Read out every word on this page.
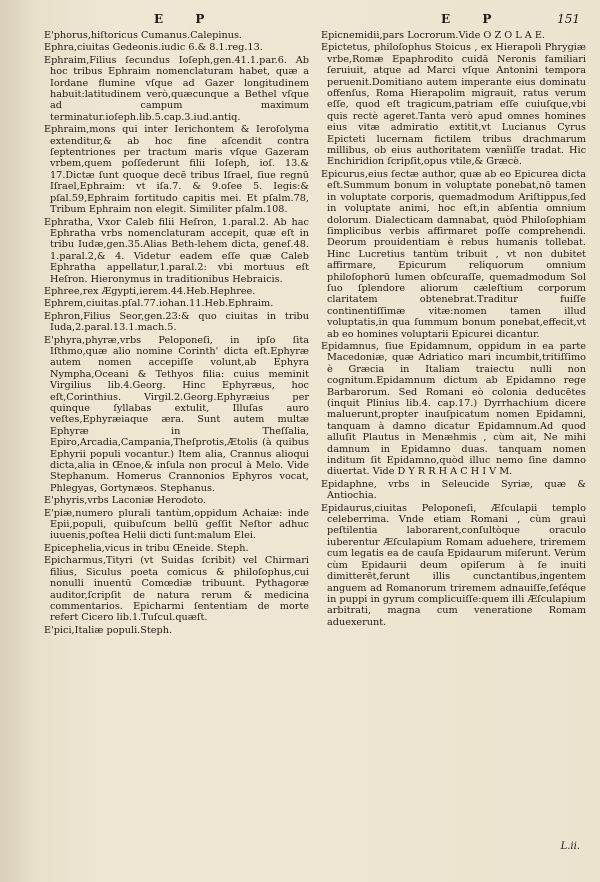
E P	E P	151

E'phorus,hiſtoricus Cumanus.Calepinus.

Ephra,ciuitas Gedeonis.iudic 6.& 8.1.reg.13.

Ephraim,Filius ſecundus Ioſeph,gen.41.1.par.6. Ab hoc tribus Ephraim nomenclaturam habet, quæ a Iordane flumine vſque ad Gazer longitudinem habuit:latitudinem verò,quæcunque a Bethel vſque ad campum maximum terminatur.ioſeph.lib.5.cap.3.iud.antiq.

Ephraim,mons qui inter Ierichontem & Ieroſolyma extenditur,& ab hoc fine aſcendit contra ſeptentriones per tractum maris vſque Gazeram vrbem,quem poſſederunt filii Ioſeph, ioſ. 13.& 17.Dictæ ſunt quoque decē tribus Iſrael, ſiue regnū Iſrael,Ephraim: vt iſa.7. & 9.oſee 5. Iegis:& pſal.59,Ephraim fortitudo capitis mei. Et pſalm.78, Tribum Ephraim non elegit. Similiter pſalm.108.

Ephratha, Vxor Caleb filii Heſron, 1.paral.2. Ab hac Ephratha vrbs nomenclaturam accepit, quæ eſt in tribu Iudæ,gen.35.Alias Beth-lehem dicta, geneſ.48. 1.paral.2,& 4. Videtur eadem eſſe quæ Caleb Ephratha appellatur,1.paral.2: vbi mortuus eſt Heſron. Hieronymus in traditionibus Hebraicis.

Ephree,rex Ægypti,ierem.44.Heb.Hephree.

Ephrem,ciuitas.pſal.77.iohan.11.Heb.Ephraim.

Ephron,Filius Seor,gen.23:& quo ciuitas in tribu Iuda,2.paral.13.1.mach.5.

E'phyra,phyræ,vrbs Peloponeſi, in ipſo ſita Iſthmo,quæ alio nomine Corinth' dicta eſt.Ephyræ autem nomen accepiſſe volunt,ab Ephyra Nympha,Oceani & Tethyos filia: cuius meminit Virgilius lib.4.Georg. Hinc Ephyræus, hoc eſt,Corinthius. Virgil.2.Georg.Ephyræius per quinque ſyllabas extulit, Illuſas auro veſtes,Ephyræiaque æra. Sunt autem multæ Ephyræ in Theſſalia, Epiro,Arcadia,Campania,Theſprotis,Ætolis (à quibus Ephyrii populi vocantur.) Item alia, Crannus alioqui dicta,alia in Œnoe,& inſula non procul à Melo. Vide Stephanum. Homerus Crannonios Ephyros vocat, Phlegyas, Gortynæos. Stephanus.

E'phyris,vrbs Laconiæ Herodoto.

E'piæ,numero plurali tantùm,oppidum Achaiæ: inde Epii,populi, quibuſcum bellū geſſit Neſtor adhuc iuuenis,poſtea Helii dicti ſunt:malum Elei.

Epicephelia,vicus in tribu Œneide. Steph.

Epicharmus,Tityri (vt Suidas ſcribit) vel Chirmari filius, Siculus poeta comicus & philoſophus,cui nonulli inuentū Comœdiæ tribuunt. Pythagoræ auditor,ſcripſit de natura rerum & medicina commentarios. Epicharmi ſententiam de morte refert Cicero lib.1.Tuſcul.quæſt.

E'pici,Italiæ populi.Steph.

Epicnemidii,pars Locrorum.Vide O Z O L A E.

Epictetus, philoſophus Stoicus , ex Hierapoli Phrygiæ vrbe,Romæ Epaphrodito cuidā Neronis familiari ſeruiuit, atque ad Marci vſque Antonini tempora peruenit.Domitiano autem imperante eius dominatu offenſus, Roma Hierapolim migrauit, ratus verum eſſe, quod eſt tragicum,patriam eſſe cuiuſque,vbi quis rectè ageret.Tanta verò apud omnes homines eius vitæ admiratio extitit,vt Lucianus Cyrus Epicteti lucernam fictilem tribus drachmarum millibus, ob eius authoritatem vænîiſſe tradat. Hic Enchiridion ſcripſit,opus vtile,& Græcè.

Epicurus,eius ſectæ author, quæ ab eo Epicurea dicta eſt.Summum bonum in voluptate ponebat,nō tamen in voluptate corporis, quemadmodum Ariſtippus,ſed in voluptate animi, hoc eſt,in abſentia omnium dolorum. Dialecticam damnabat, quòd Philoſophiam ſimplicibus verbis affirmaret poſſe comprehendi. Deorum prouidentiam è rebus humanis tollebat. Hinc Lucretius tantùm tribuit , vt non dubitet affirmare, Epicurum reliquorum omnium philoſophorū lumen obſcuraſſe, quemadmodum Sol ſuo ſplendore aliorum cæleſtium corporum claritatem obtenebrat.Traditur fuiſſe continentiſſimæ vitæ:nomen tamen illud voluptatis,in qua ſummum bonum ponebat,effecit,vt ab eo homines voluptarii Epicurei dicantur.

Epidamnus, ſiue Epidamnum, oppidum in ea parte Macedoniæ, quæ Adriatico mari incumbit,tritiſſimo è Græcia in Italiam traiectu nulli non cognitum.Epidamnum dictum ab Epidamno rege Barbarorum. Sed Romani eò colonia deducētes (inquit Plinius lib.4. cap.17.) Dyrrhachium dicere maluerunt,propter inauſpicatum nomen Epidamni, tanquam à damno dicatur Epidamnum.Ad quod alluſit Plautus in Menæhmis , cùm ait, Ne mihi damnum in Epidamno duas. tanquam nomen inditum ſit Epidamno,quòd illuc nemo ſine damno diuertat. Vide D Y R R H A C H I V M.

Epidaphne, vrbs in Seleucide Syriæ, quæ & Antiochia.

Epidaurus,ciuitas Peloponeſi, Æſculapii templo celeberrima. Vnde etiam Romani , cùm grauì peſtilentia laborarent,conſultòque oraculo iuberentur Æſculapium Romam aduehere, triremem cum legatis ea de cauſa Epidaurum miſerunt. Verùm cùm Epidaurii deum opiſerum à ſe inuiti dimitterēt,ferunt illis cunctantibus,ingentem anguem ad Romanorum triremem adnauiſſe,ſeſéque in puppi in gyrum complicuiſſe:quem illi Æſculapium arbitrati, magna cum veneratione Romam aduexerunt.

L.ii.
